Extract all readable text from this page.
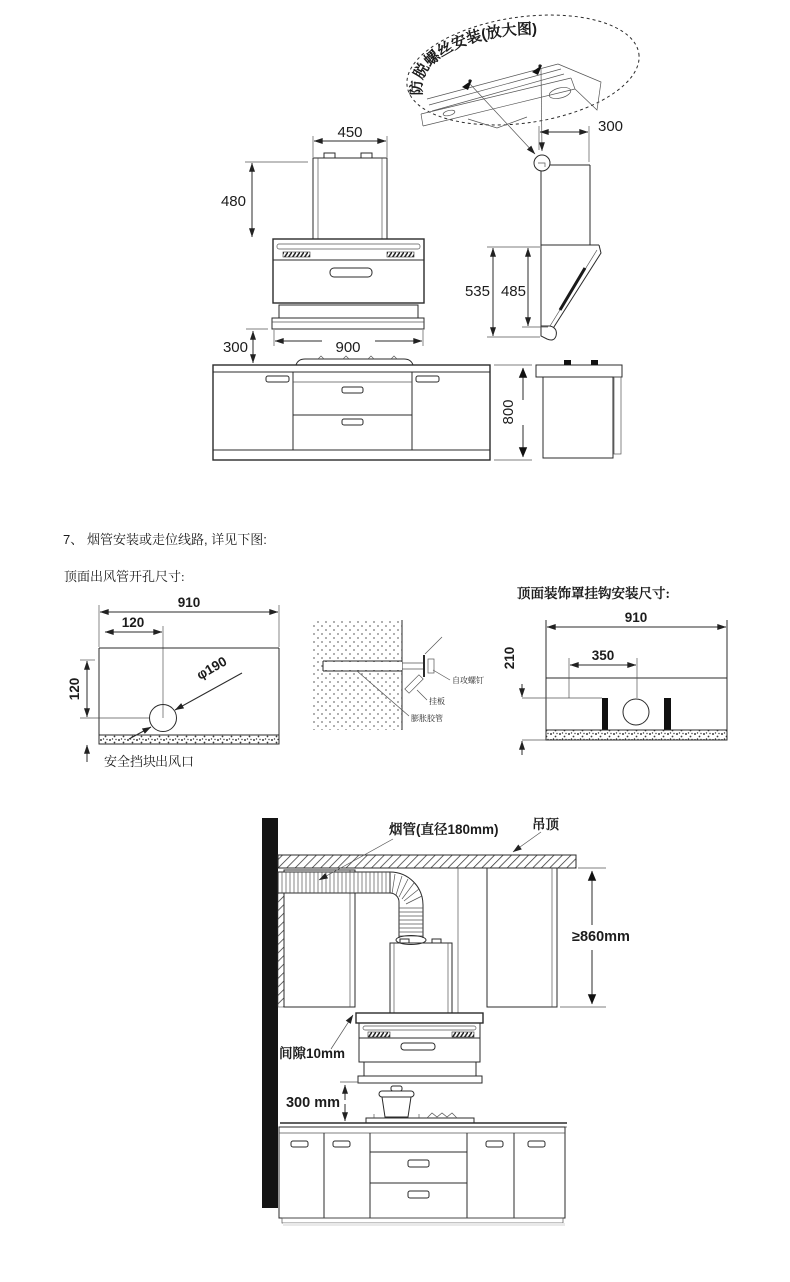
防脱螺丝安装(放大图)
450
480
900
300
800
300
535 485
7、 烟管安装或走位线路, 详见下图:
顶面出风管开孔尺寸:
910
120
120
φ190
安全挡块
出风口
自攻螺钉
挂板
膨胀胶管
顶面装饰罩挂钩安装尺寸:
910
350
210
吊顶
烟管(直径180mm)
≥860mm
间隙10mm
300 mm
